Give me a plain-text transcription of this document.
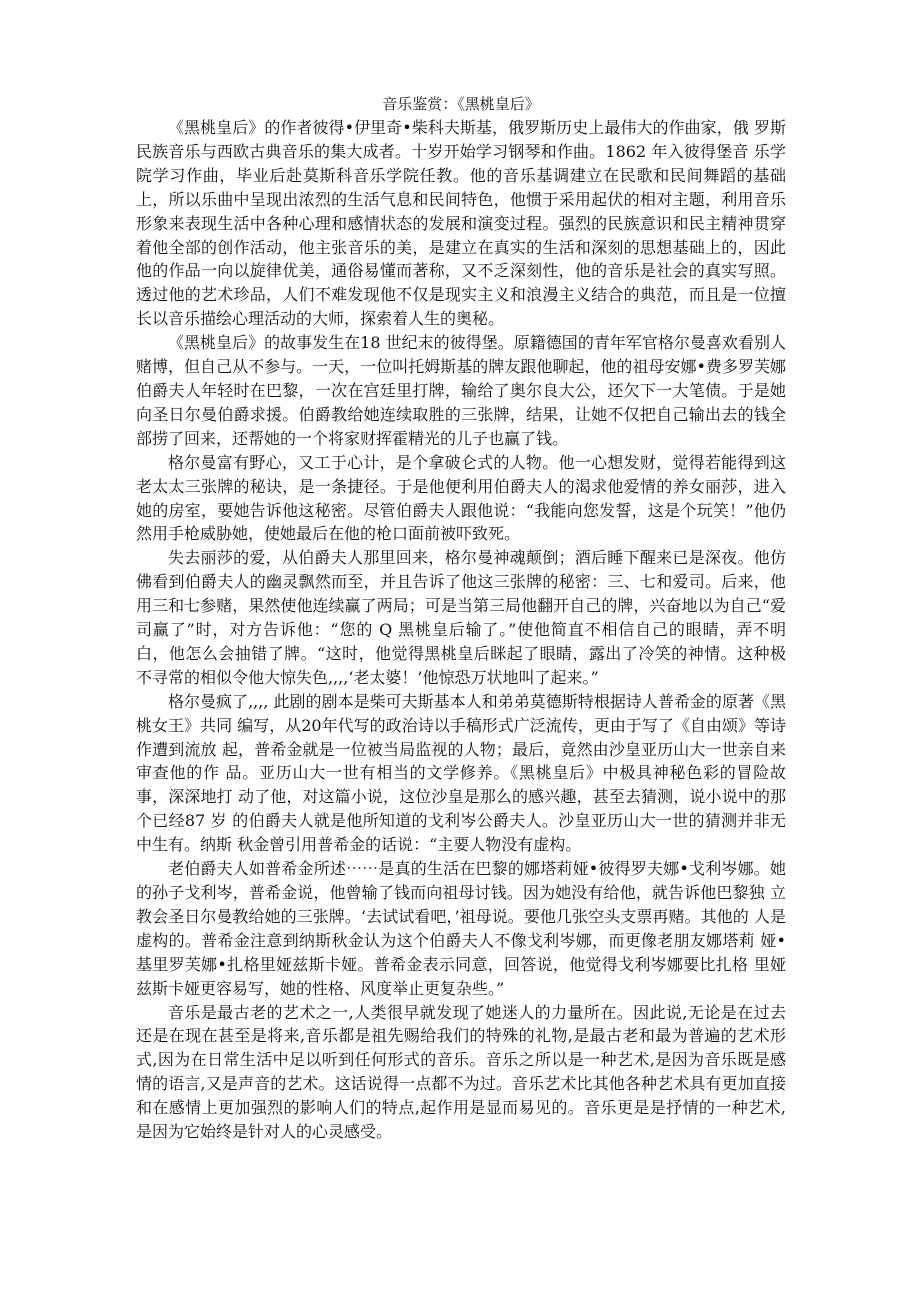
音乐鉴赏：《黑桃皇后》

《黑桃皇后》的作者彼得•伊里奇•柴科夫斯基，俄罗斯历史上最伟大的作曲家，俄 罗斯民族音乐与西欧古典音乐的集大成者。十岁开始学习钢琴和作曲。1862 年入彼得堡音 乐学院学习作曲，毕业后赴莫斯科音乐学院任教。他的音乐基调建立在民歌和民间舞蹈的基础上，所以乐曲中呈现出浓烈的生活气息和民间特色，他惯于采用起伏的相对主题，利用音乐形象来表现生活中各种心理和感情状态的发展和演变过程。强烈的民族意识和民主精神贯穿着他全部的创作活动，他主张音乐的美，是建立在真实的生活和深刻的思想基础上的，因此他的作品一向以旋律优美，通俗易懂而著称，又不乏深刻性，他的音乐是社会的真实写照。透过他的艺术珍品，人们不难发现他不仅是现实主义和浪漫主义结合的典范，而且是一位擅长以音乐描绘心理活动的大师，探索着人生的奥秘。

《黑桃皇后》的故事发生在18 世纪末的彼得堡。原籍德国的青年军官格尔曼喜欢看别人赌博，但自己从不参与。一天，一位叫托姆斯基的牌友跟他聊起，他的祖母安娜•费多罗芙娜伯爵夫人年轻时在巴黎，一次在宫廷里打牌，输给了奥尔良大公，还欠下一大笔债。于是她向圣日尔曼伯爵求援。伯爵教给她连续取胜的三张牌，结果，让她不仅把自己输出去的钱全部捞了回来，还帮她的一个将家财挥霍精光的儿子也赢了钱。

格尔曼富有野心，又工于心计，是个拿破仑式的人物。他一心想发财，觉得若能得到这 老太太三张牌的秘诀，是一条捷径。于是他便利用伯爵夫人的渴求他爱情的养女丽莎，进入 她的房室，要她告诉他这秘密。尽管伯爵夫人跟他说：“我能向您发誓，这是个玩笑！”他仍 然用手枪威胁她，使她最后在他的枪口面前被吓致死。

失去丽莎的爱，从伯爵夫人那里回来，格尔曼神魂颠倒；酒后睡下醒来已是深夜。他仿 佛看到伯爵夫人的幽灵飘然而至，并且告诉了他这三张牌的秘密：三、七和爱司。后来，他 用三和七参赌，果然使他连续赢了两局；可是当第三局他翻开自己的牌，兴奋地以为自己“爱 司赢了”时，对方告诉他：“您的 Q 黑桃皇后输了。”使他简直不相信自己的眼睛，弄不明 白，他怎么会抽错了牌。“这时，他觉得黑桃皇后眯起了眼睛，露出了冷笑的神情。这种极 不寻常的相似令他大惊失色,,,,‘老太婆！’他惊恐万状地叫了起来。”

格尔曼疯了,,,, 此剧的剧本是柴可夫斯基本人和弟弟莫德斯特根据诗人普希金的原著《黑桃女王》共同 编写，从20年代写的政治诗以手稿形式广泛流传，更由于写了《自由颂》等诗作遭到流放 起，普希金就是一位被当局监视的人物；最后，竟然由沙皇亚历山大一世亲自来审查他的作 品。亚历山大一世有相当的文学修养。《黑桃皇后》中极具神秘色彩的冒险故事，深深地打 动了他，对这篇小说，这位沙皇是那么的感兴趣，甚至去猜测，说小说中的那个已经87 岁 的伯爵夫人就是他所知道的戈利岑公爵夫人。沙皇亚历山大一世的猜测并非无中生有。纳斯 秋金曾引用普希金的话说：“主要人物没有虚构。

老伯爵夫人如普希金所述⋯⋯是真的生活在巴黎的娜塔莉娅•彼得罗夫娜•戈利岑娜。她的孙子戈利岑，普希金说，他曾输了钱而向祖母讨钱。因为她没有给他，就告诉他巴黎独 立教会圣日尔曼教给她的三张牌。‘去试试看吧，’祖母说。要他几张空头支票再赌。其他的 人是虚构的。普希金注意到纳斯秋金认为这个伯爵夫人不像戈利岑娜，而更像老朋友娜塔莉 娅•基里罗芙娜•扎格里娅兹斯卡娅。普希金表示同意，回答说，他觉得戈利岑娜要比扎格 里娅兹斯卡娅更容易写，她的性格、风度举止更复杂些。”

音乐是最古老的艺术之一,人类很早就发现了她迷人的力量所在。因此说,无论是在过去还是在现在甚至是将来,音乐都是祖先赐给我们的特殊的礼物,是最古老和最为普遍的艺术形式,因为在日常生活中足以听到任何形式的音乐。音乐之所以是一种艺术,是因为音乐既是感情的语言,又是声音的艺术。这话说得一点都不为过。音乐艺术比其他各种艺术具有更加直接和在感情上更加强烈的影响人们的特点,起作用是显而易见的。音乐更是是抒情的一种艺术,是因为它始终是针对人的心灵感受。
